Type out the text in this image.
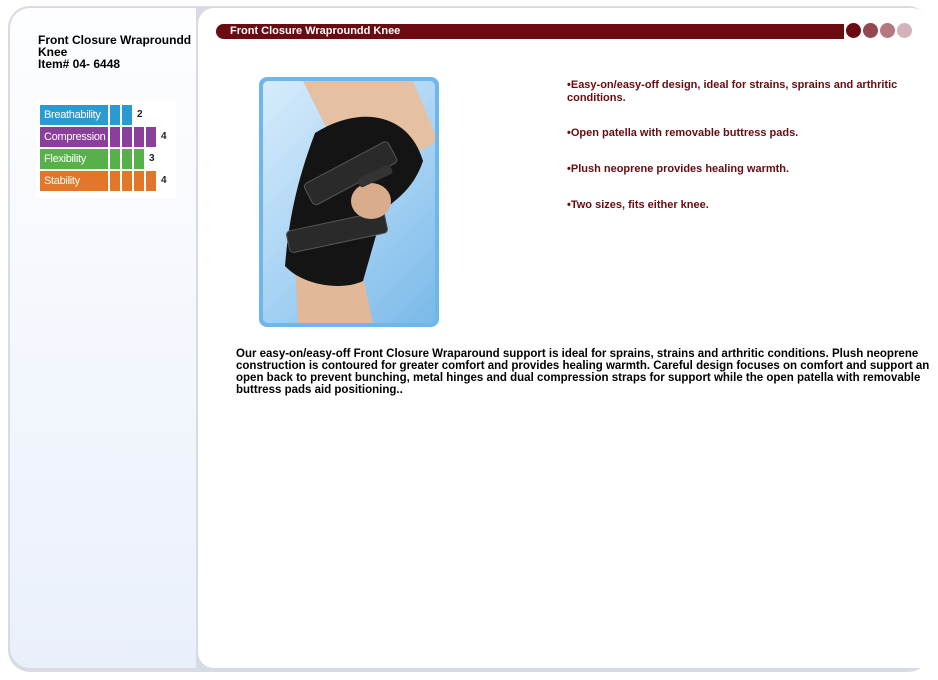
Front Closure Wraproundd Knee
Item# 04- 6448
Breathability	2
Compression	4
Flexibility	3
Stability	4
Front Closure Wraproundd Knee
•Easy-on/easy-off design, ideal for strains, sprains and arthritic conditions.
•Open patella with removable buttress pads.
•Plush neoprene provides healing warmth.
•Two sizes, fits either knee.
Our easy-on/easy-off Front Closure Wraparound support is ideal for sprains, strains and arthritic conditions. Plush neoprene construction is contoured for greater comfort and provides healing warmth. Careful design focuses on comfort and support an open back to prevent bunching, metal hinges and dual compression straps for support while the open patella with removable buttress pads aid positioning..
